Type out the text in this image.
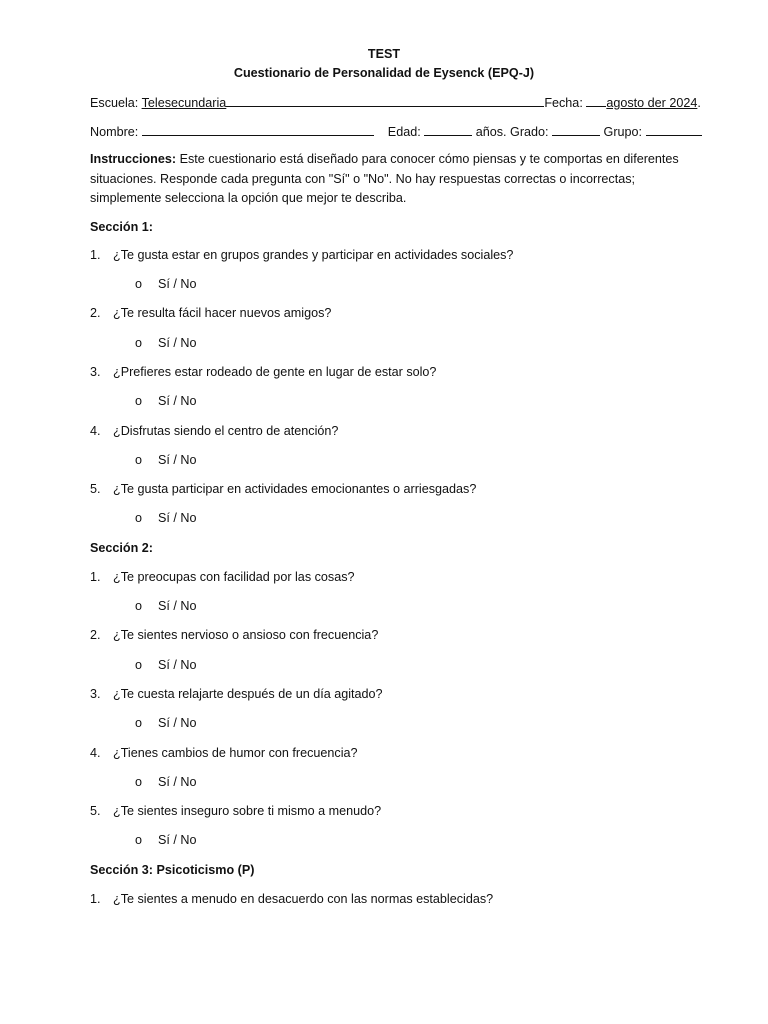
TEST
Cuestionario de Personalidad de Eysenck (EPQ-J)
Escuela: Telesecundaria	Fecha: agosto der 2024.
Nombre:	Edad:	años. Grado:	Grupo:
Instrucciones: Este cuestionario está diseñado para conocer cómo piensas y te comportas en diferentes situaciones. Responde cada pregunta con "Sí" o "No". No hay respuestas correctas o incorrectas; simplemente selecciona la opción que mejor te describa.
Sección 1:
1. ¿Te gusta estar en grupos grandes y participar en actividades sociales?
o Sí / No
2. ¿Te resulta fácil hacer nuevos amigos?
o Sí / No
3. ¿Prefieres estar rodeado de gente en lugar de estar solo?
o Sí / No
4. ¿Disfrutas siendo el centro de atención?
o Sí / No
5. ¿Te gusta participar en actividades emocionantes o arriesgadas?
o Sí / No
Sección 2:
1. ¿Te preocupas con facilidad por las cosas?
o Sí / No
2. ¿Te sientes nervioso o ansioso con frecuencia?
o Sí / No
3. ¿Te cuesta relajarte después de un día agitado?
o Sí / No
4. ¿Tienes cambios de humor con frecuencia?
o Sí / No
5. ¿Te sientes inseguro sobre ti mismo a menudo?
o Sí / No
Sección 3: Psicoticismo (P)
1. ¿Te sientes a menudo en desacuerdo con las normas establecidas?
